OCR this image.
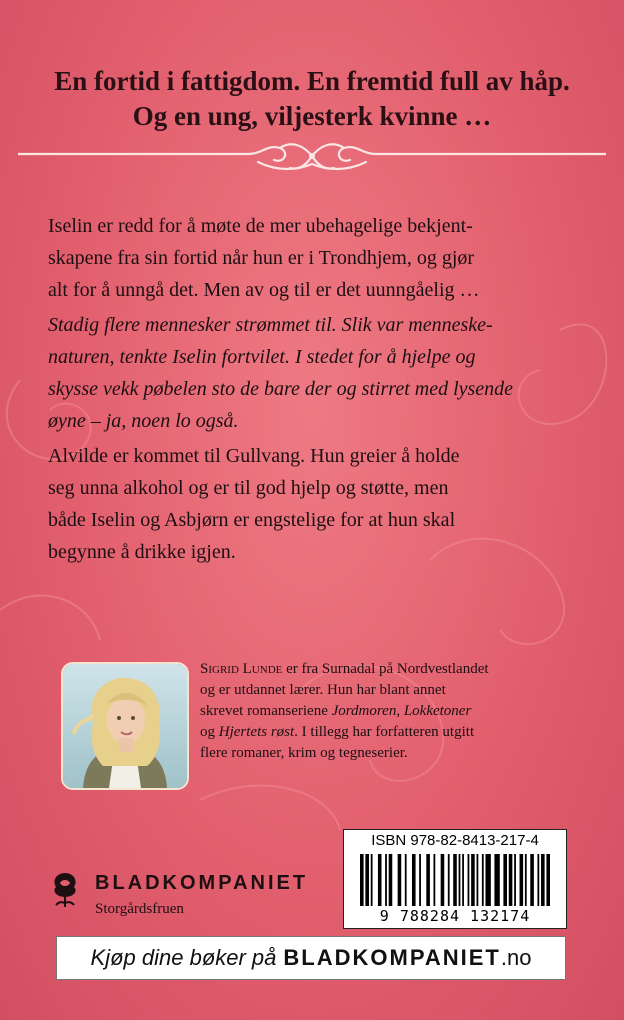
En fortid i fattigdom. En fremtid full av håp.
Og en ung, viljesterk kvinne …
Iselin er redd for å møte de mer ubehagelige bekjent-
skapene fra sin fortid når hun er i Trondhjem, og gjør
alt for å unngå det. Men av og til er det uunngåelig …
Stadig flere mennesker strømmet til. Slik var menneske-
naturen, tenkte Iselin fortvilet. I stedet for å hjelpe og
skysse vekk pøbelen sto de bare der og stirret med lysende
øyne – ja, noen lo også.
Alvilde er kommet til Gullvang. Hun greier å holde
seg unna alkohol og er til god hjelp og støtte, men
både Iselin og Asbjørn er engstelige for at hun skal
begynne å drikke igjen.
Sigrid Lunde er fra Surnadal på Nordvestlandet
og er utdannet lærer. Hun har blant annet
skrevet romanserienе Jordmoren, Lokketoner
og Hjertets røst. I tillegg har forfatteren utgitt
flere romaner, krim og tegneserier.
ISBN 978-82-8413-217-4
9 788284 132174
BLADKOMPANIET
Storgårdsfruen
Kjøp dine bøker på BLADKOMPANIET .no
